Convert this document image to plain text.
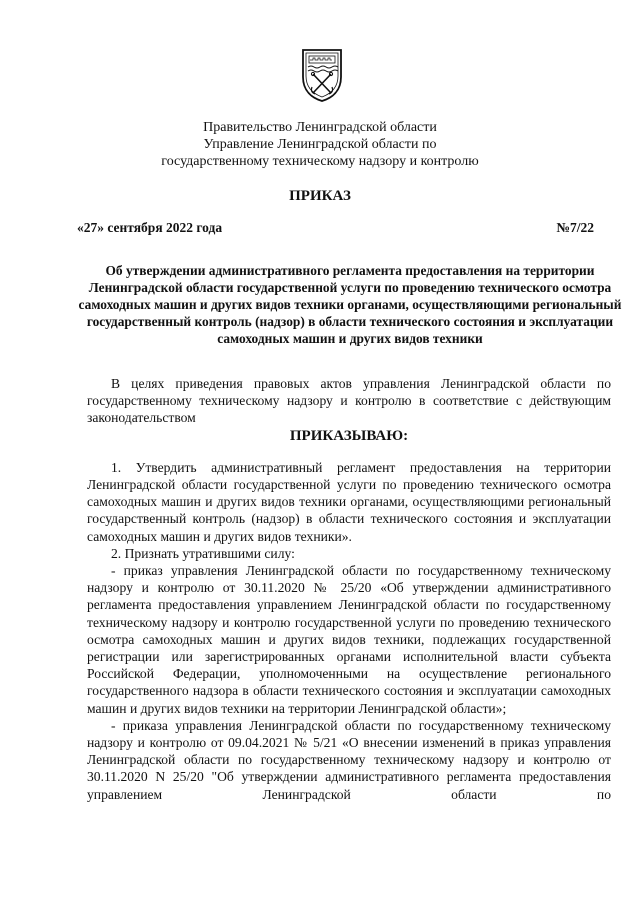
Правительство Ленинградской области
Управление Ленинградской области по
государственному техническому надзору и контролю
ПРИКАЗ
«27» сентября 2022 года	№7/22
Об утверждении административного регламента предоставления на территории Ленинградской области государственной услуги по проведению технического осмотра самоходных машин и других видов техники органами, осуществляющими региональный государственный контроль (надзор) в области технического состояния и эксплуатации самоходных машин и других видов техники

В целях приведения правовых актов управления Ленинградской области по государственному техническому надзору и контролю в соответствие с действующим законодательством

ПРИКАЗЫВАЮ:

1. Утвердить административный регламент предоставления на территории Ленинградской области государственной услуги по проведению технического осмотра самоходных машин и других видов техники органами, осуществляющими региональный государственный контроль (надзор) в области технического состояния и эксплуатации самоходных машин и других видов техники».

2. Признать утратившими силу:

- приказ управления Ленинградской области по государственному техническому надзору и контролю от 30.11.2020 № 25/20 «Об утверждении административного регламента предоставления управлением Ленинградской области по государственному техническому надзору и контролю государственной услуги по проведению технического осмотра самоходных машин и других видов техники, подлежащих государственной регистрации или зарегистрированных органами исполнительной власти субъекта Российской Федерации, уполномоченными на осуществление регионального государственного надзора в области технического состояния и эксплуатации самоходных машин и других видов техники на территории Ленинградской области»;

- приказа управления Ленинградской области по государственному техническому надзору и контролю от 09.04.2021 № 5/21 «О внесении изменений в приказ управления Ленинградской области по государственному техническому надзору и контролю от 30.11.2020 N 25/20 "Об утверждении административного регламента предоставления управлением Ленинградской области по
